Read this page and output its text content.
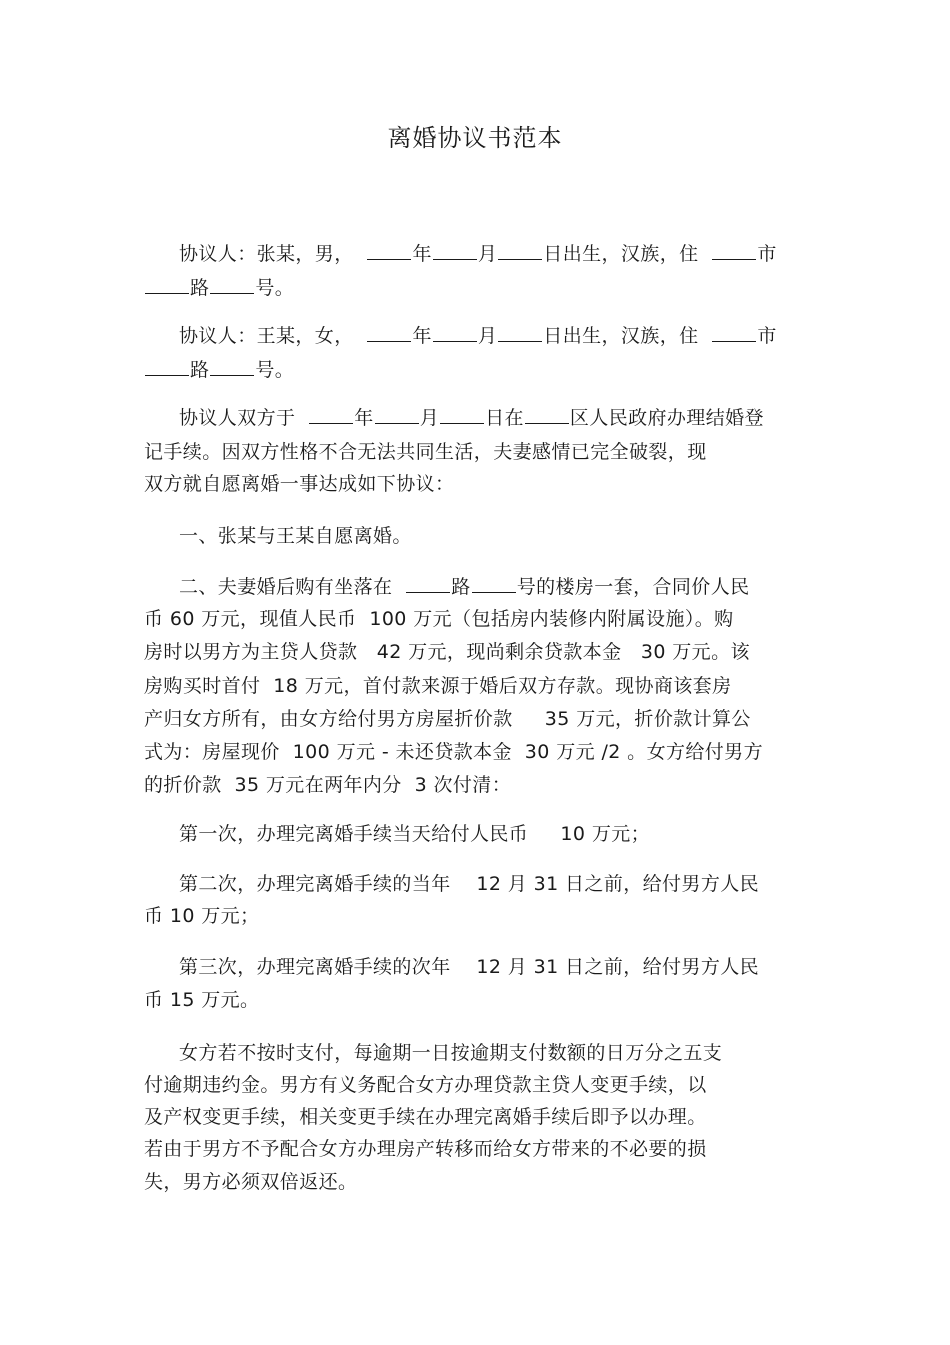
离婚协议书范本
协议人：张某，男，  年 月 日出生，汉族，住  市
路 号。
协议人：王某，女，  年 月 日出生，汉族，住  市
路 号。
协议人双方于  年 月 日在 区人民政府办理结婚登
记手续。因双方性格不合无法共同生活，夫妻感情已完全破裂，现
双方就自愿离婚一事达成如下协议：
一、张某与王某自愿离婚。
二、夫妻婚后购有坐落在  路 号的楼房一套，合同价人民
币 60 万元，现值人民币  100 万元（包括房内装修内附属设施）。购
房时以男方为主贷人贷款   42 万元，现尚剩余贷款本金   30 万元。该
房购买时首付  18 万元，首付款来源于婚后双方存款。现协商该套房
产归女方所有，由女方给付男方房屋折价款     35 万元，折价款计算公
式为：房屋现价  100 万元 - 未还贷款本金  30 万元 /2 。女方给付男方
的折价款  35 万元在两年内分  3 次付清：
第一次，办理完离婚手续当天给付人民币     10 万元；
第二次，办理完离婚手续的当年    12 月 31 日之前，给付男方人民
币 10 万元；
第三次，办理完离婚手续的次年    12 月 31 日之前，给付男方人民
币 15 万元。
女方若不按时支付，每逾期一日按逾期支付数额的日万分之五支
付逾期违约金。男方有义务配合女方办理贷款主贷人变更手续，以
及产权变更手续，相关变更手续在办理完离婚手续后即予以办理。
若由于男方不予配合女方办理房产转移而给女方带来的不必要的损
失，男方必须双倍返还。
